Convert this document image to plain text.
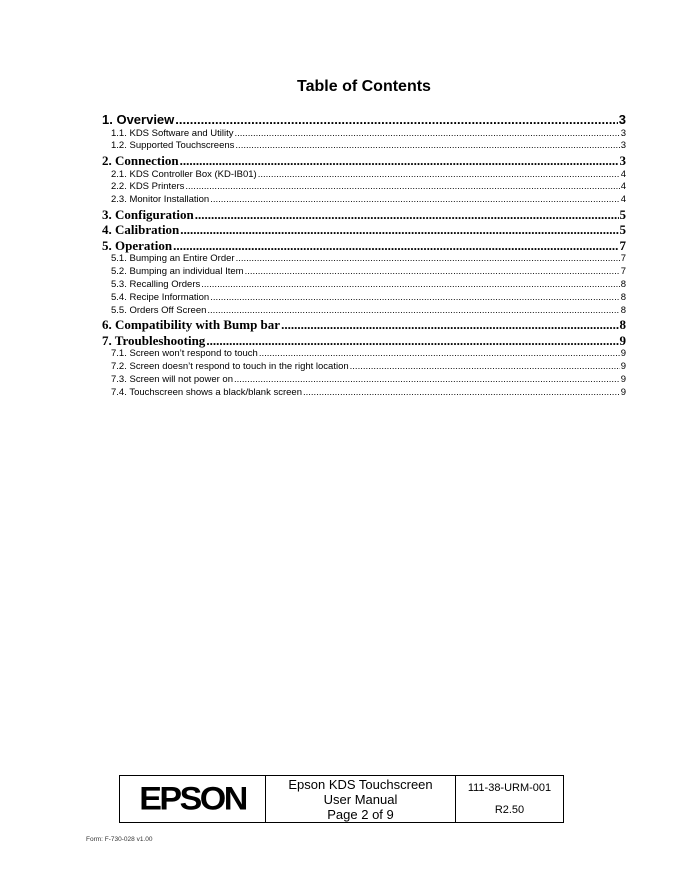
Table of Contents
1. Overview .....	3
1.1. KDS Software and Utility .....	3
1.2. Supported Touchscreens .....	3
2. Connection .....	3
2.1. KDS Controller Box (KD-IB01) .....	4
2.2. KDS Printers .....	4
2.3. Monitor Installation .....	4
3. Configuration .....	5
4. Calibration .....	5
5. Operation .....	7
5.1. Bumping an Entire Order .....	7
5.2. Bumping an individual Item .....	7
5.3. Recalling Orders .....	8
5.4. Recipe Information .....	8
5.5. Orders Off Screen .....	8
6. Compatibility with Bump bar .....	8
7. Troubleshooting .....	9
7.1. Screen won’t respond to touch .....	9
7.2. Screen doesn’t respond to touch in the right location .....	9
7.3. Screen will not power on .....	9
7.4. Touchscreen shows a black/blank screen .....	9
EPSON	Epson KDS Touchscreen
User Manual
Page 2 of 9
111-38-URM-001
R2.50
Form: F-730-028 v1.00
